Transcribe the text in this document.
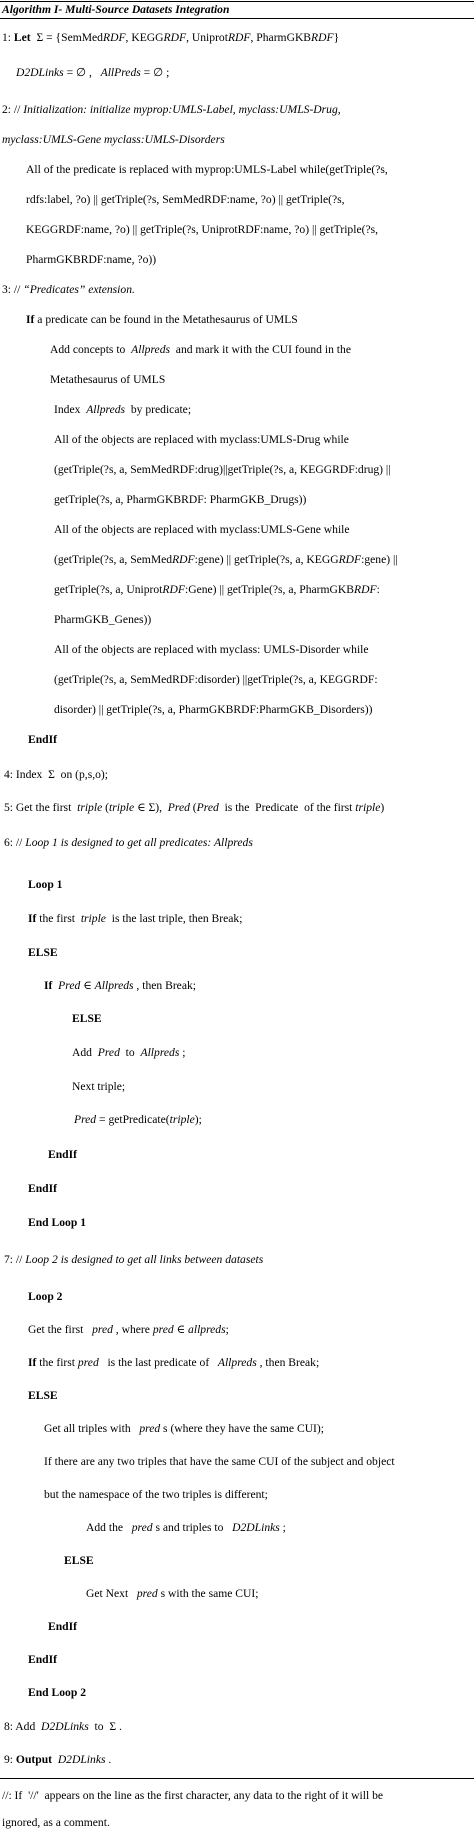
Algorithm I- Multi-Source Datasets Integration
1: Let  Σ = {SemMedRDF, KEGGRDF, UniprotRDF, PharmGKBRDF}
D2DLinks = ∅ ,   AllPreds = ∅ ;
2: // Initialization: initialize myprop:UMLS-Label, myclass:UMLS-Drug,
myclass:UMLS-Gene myclass:UMLS-Disorders
All of the predicate is replaced with myprop:UMLS-Label while(getTriple(?s,
rdfs:label, ?o) || getTriple(?s, SemMedRDF:name, ?o) || getTriple(?s,
KEGGRDF:name, ?o) || getTriple(?s, UniprotRDF:name, ?o) || getTriple(?s,
PharmGKBRDF:name, ?o))
3: // “Predicates” extension.
If a predicate can be found in the Metathesaurus of UMLS
Add concepts to  Allpreds  and mark it with the CUI found in the
Metathesaurus of UMLS
Index  Allpreds  by predicate;
All of the objects are replaced with myclass:UMLS-Drug while
(getTriple(?s, a, SemMedRDF:drug)||getTriple(?s, a, KEGGRDF:drug) ||
getTriple(?s, a, PharmGKBRDF: PharmGKB_Drugs))
All of the objects are replaced with myclass:UMLS-Gene while
(getTriple(?s, a, SemMedRDF:gene) || getTriple(?s, a, KEGGRDF:gene) ||
getTriple(?s, a, UniprotRDF:Gene) || getTriple(?s, a, PharmGKBRDF:
PharmGKB_Genes))
All of the objects are replaced with myclass: UMLS-Disorder while
(getTriple(?s, a, SemMedRDF:disorder) ||getTriple(?s, a, KEGGRDF:
disorder) || getTriple(?s, a, PharmGKBRDF:PharmGKB_Disorders))
EndIf
4: Index  Σ  on (p,s,o);
5: Get the first  triple (triple ∈ Σ),  Pred (Pred  is the  Predicate  of the first triple)
6: // Loop 1 is designed to get all predicates: Allpreds
Loop 1
If the first  triple  is the last triple, then Break;
ELSE
If Pred ∈ Allpreds , then Break;
ELSE
Add  Pred  to  Allpreds ;
Next triple;
Pred = getPredicate(triple);
EndIf
EndIf
End Loop 1
7: // Loop 2 is designed to get all links between datasets
Loop 2
Get the first   pred , where pred ∈ allpreds;
If the first pred   is the last predicate of   Allpreds , then Break;
ELSE
Get all triples with   pred s (where they have the same CUI);
If there are any two triples that have the same CUI of the subject and object
but the namespace of the two triples is different;
Add the   pred s and triples to   D2DLinks ;
ELSE
Get Next   pred s with the same CUI;
EndIf
EndIf
End Loop 2
8: Add  D2DLinks  to  Σ .
9: Output D2DLinks .
//: If  '//'  appears on the line as the first character, any data to the right of it will be
ignored, as a comment.
